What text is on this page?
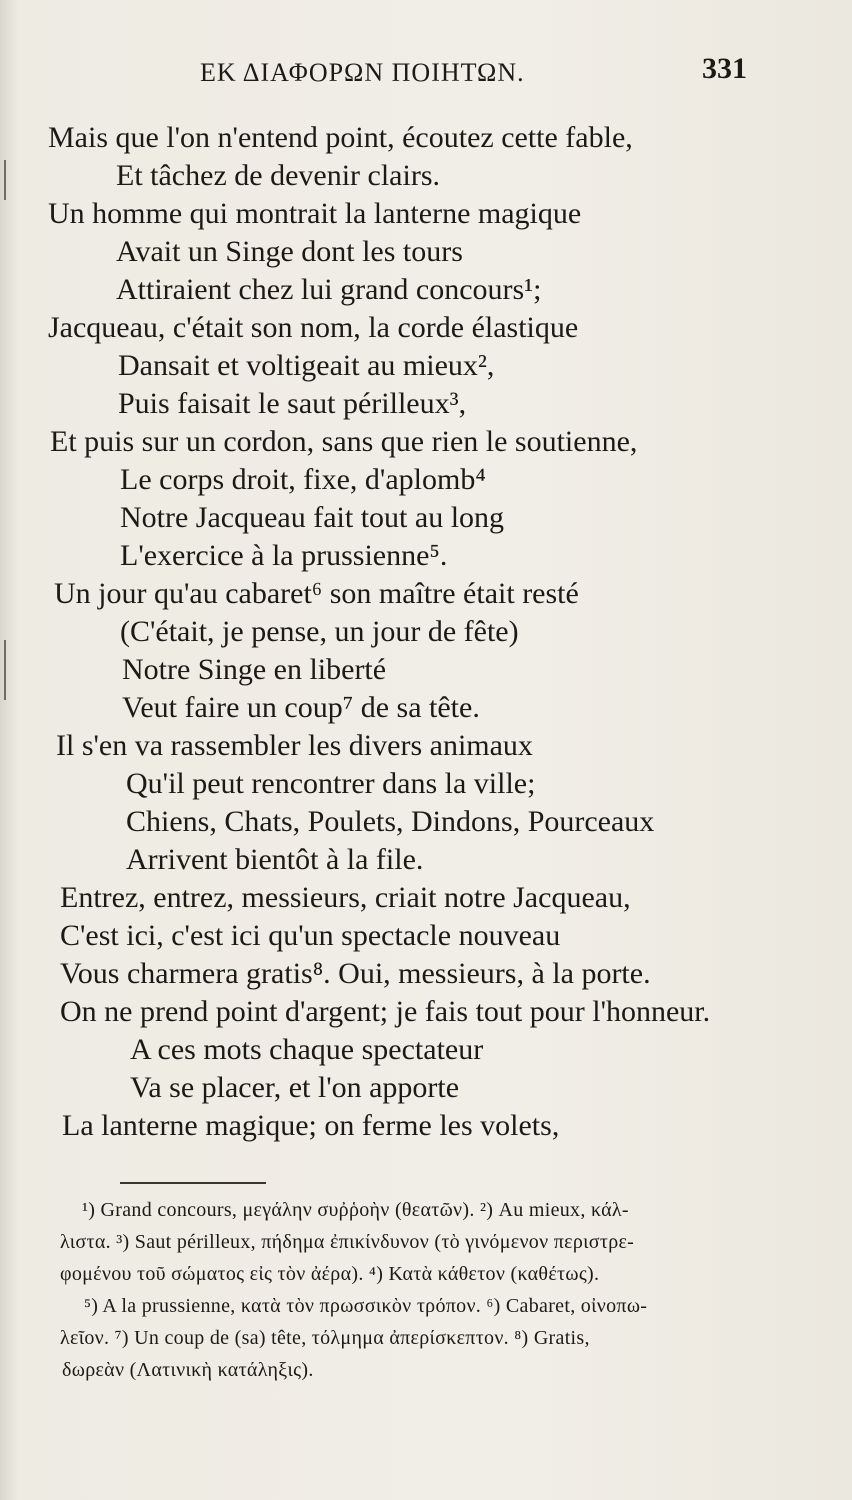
ΕΚ ΔΙΑΦΟΡΩΝ ΠΟΙΗΤΩΝ.	331
Mais que l'on n'entend point, écoutez cette fable,
Et tâchez de devenir clairs.
Un homme qui montrait la lanterne magique
Avait un Singe dont les tours
Attiraient chez lui grand concours¹;
Jacqueau, c'était son nom, la corde élastique
Dansait et voltigeait au mieux²,
Puis faisait le saut périlleux³,
Et puis sur un cordon, sans que rien le soutienne,
Le corps droit, fixe, d'aplomb⁴
Notre Jacqueau fait tout au long
L'exercice à la prussienne⁵.
Un jour qu'au cabaret⁶ son maître était resté
(C'était, je pense, un jour de fête)
Notre Singe en liberté
Veut faire un coup⁷ de sa tête.
Il s'en va rassembler les divers animaux
Qu'il peut rencontrer dans la ville;
Chiens, Chats, Poulets, Dindons, Pourceaux
Arrivent bientôt à la file.
Entrez, entrez, messieurs, criait notre Jacqueau,
C'est ici, c'est ici qu'un spectacle nouveau
Vous charmera gratis⁸. Oui, messieurs, à la porte.
On ne prend point d'argent; je fais tout pour l'honneur.
A ces mots chaque spectateur
Va se placer, et l'on apporte
La lanterne magique; on ferme les volets,
¹) Grand concours, μεγάλην συῤῥοὴν (θεατῶν). ²) Au mieux, κάλ-
λιστα. ³) Saut périlleux, πήδημα ἐπικίνδυνον (τὸ γινόμενον περιστρε-
φομένου τοῦ σώματος εἰς τὸν ἀέρα). ⁴) Κατὰ κάθετον (καθέτως).
⁵) A la prussienne, κατὰ τὸν πρωσσικὸν τρόπον. ⁶) Cabaret, οἰνοπω-
λεῖον. ⁷) Un coup de (sa) tête, τόλμημα ἀπερίσκεπτον. ⁸) Gratis,
δωρεὰν (Λατινικὴ κατάληξις).
